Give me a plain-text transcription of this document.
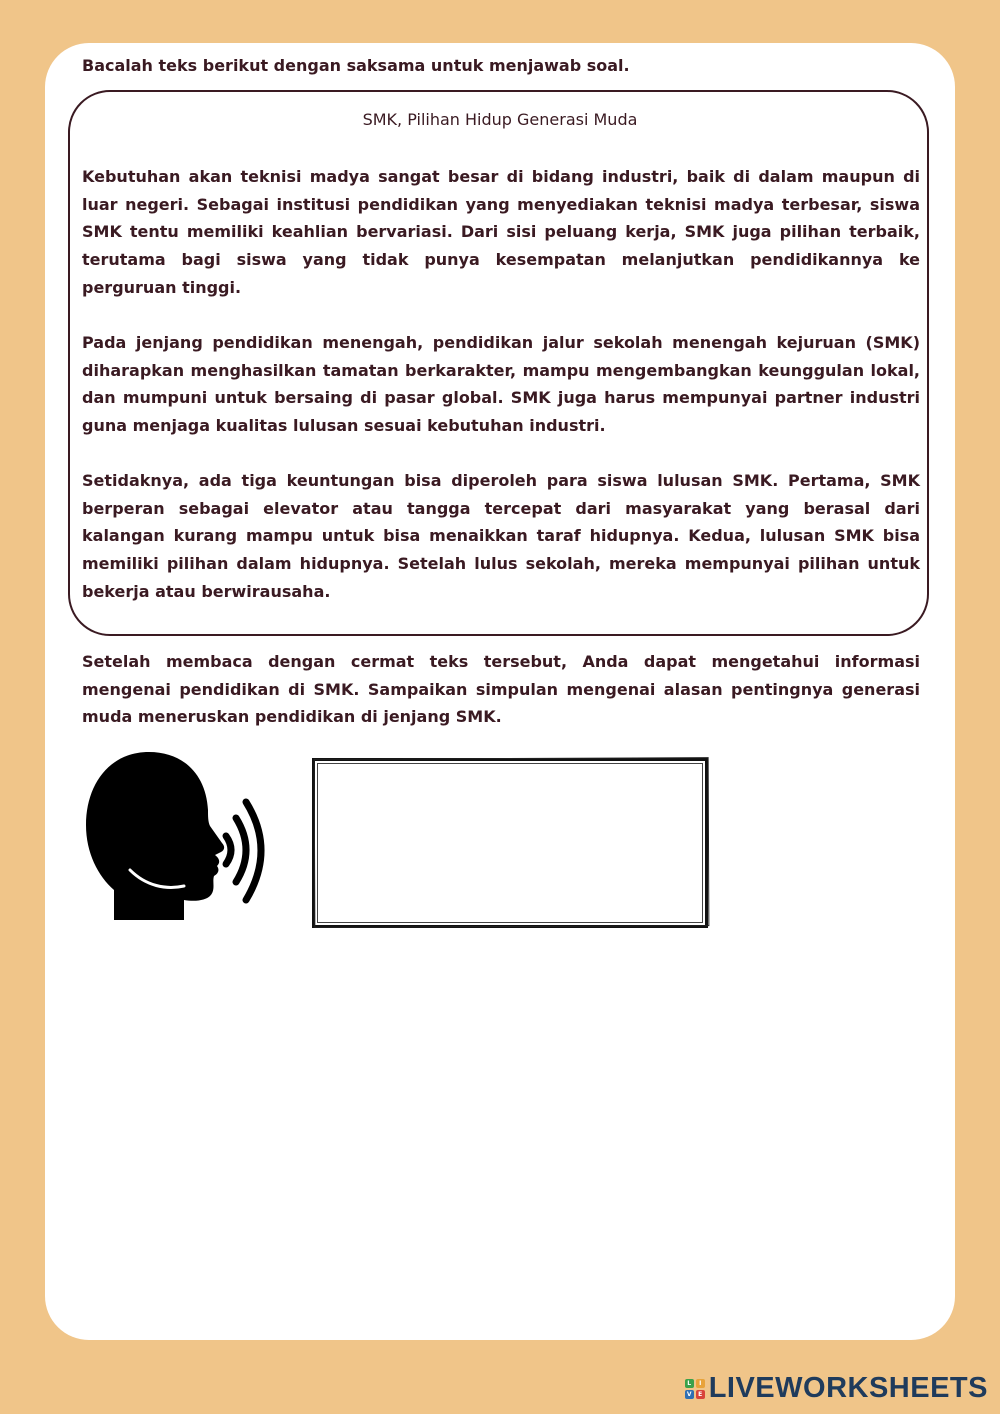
Bacalah teks berikut dengan saksama untuk menjawab soal.

SMK, Pilihan Hidup Generasi Muda

Kebutuhan akan teknisi madya sangat besar di bidang industri, baik di dalam maupun di luar negeri. Sebagai institusi pendidikan yang menyediakan teknisi madya terbesar, siswa SMK tentu memiliki keahlian bervariasi. Dari sisi peluang kerja, SMK juga pilihan terbaik, terutama bagi siswa yang tidak punya kesempatan melanjutkan pendidikannya ke perguruan tinggi.

Pada jenjang pendidikan menengah, pendidikan jalur sekolah menengah kejuruan (SMK) diharapkan menghasilkan tamatan berkarakter, mampu mengembangkan keunggulan lokal, dan mumpuni untuk bersaing di pasar global. SMK juga harus mempunyai partner industri guna menjaga kualitas lulusan sesuai kebutuhan industri.

Setidaknya, ada tiga keuntungan bisa diperoleh para siswa lulusan SMK. Pertama, SMK berperan sebagai elevator atau tangga tercepat dari masyarakat yang berasal dari kalangan kurang mampu untuk bisa menaikkan taraf hidupnya. Kedua, lulusan SMK bisa memiliki pilihan dalam hidupnya. Setelah lulus sekolah, mereka mempunyai pilihan untuk bekerja atau berwirausaha.

Setelah membaca dengan cermat teks tersebut, Anda dapat mengetahui informasi mengenai pendidikan di SMK. Sampaikan simpulan mengenai alasan pentingnya generasi muda meneruskan pendidikan di jenjang SMK.

L	I
V	E LIVEWORKSHEETS
